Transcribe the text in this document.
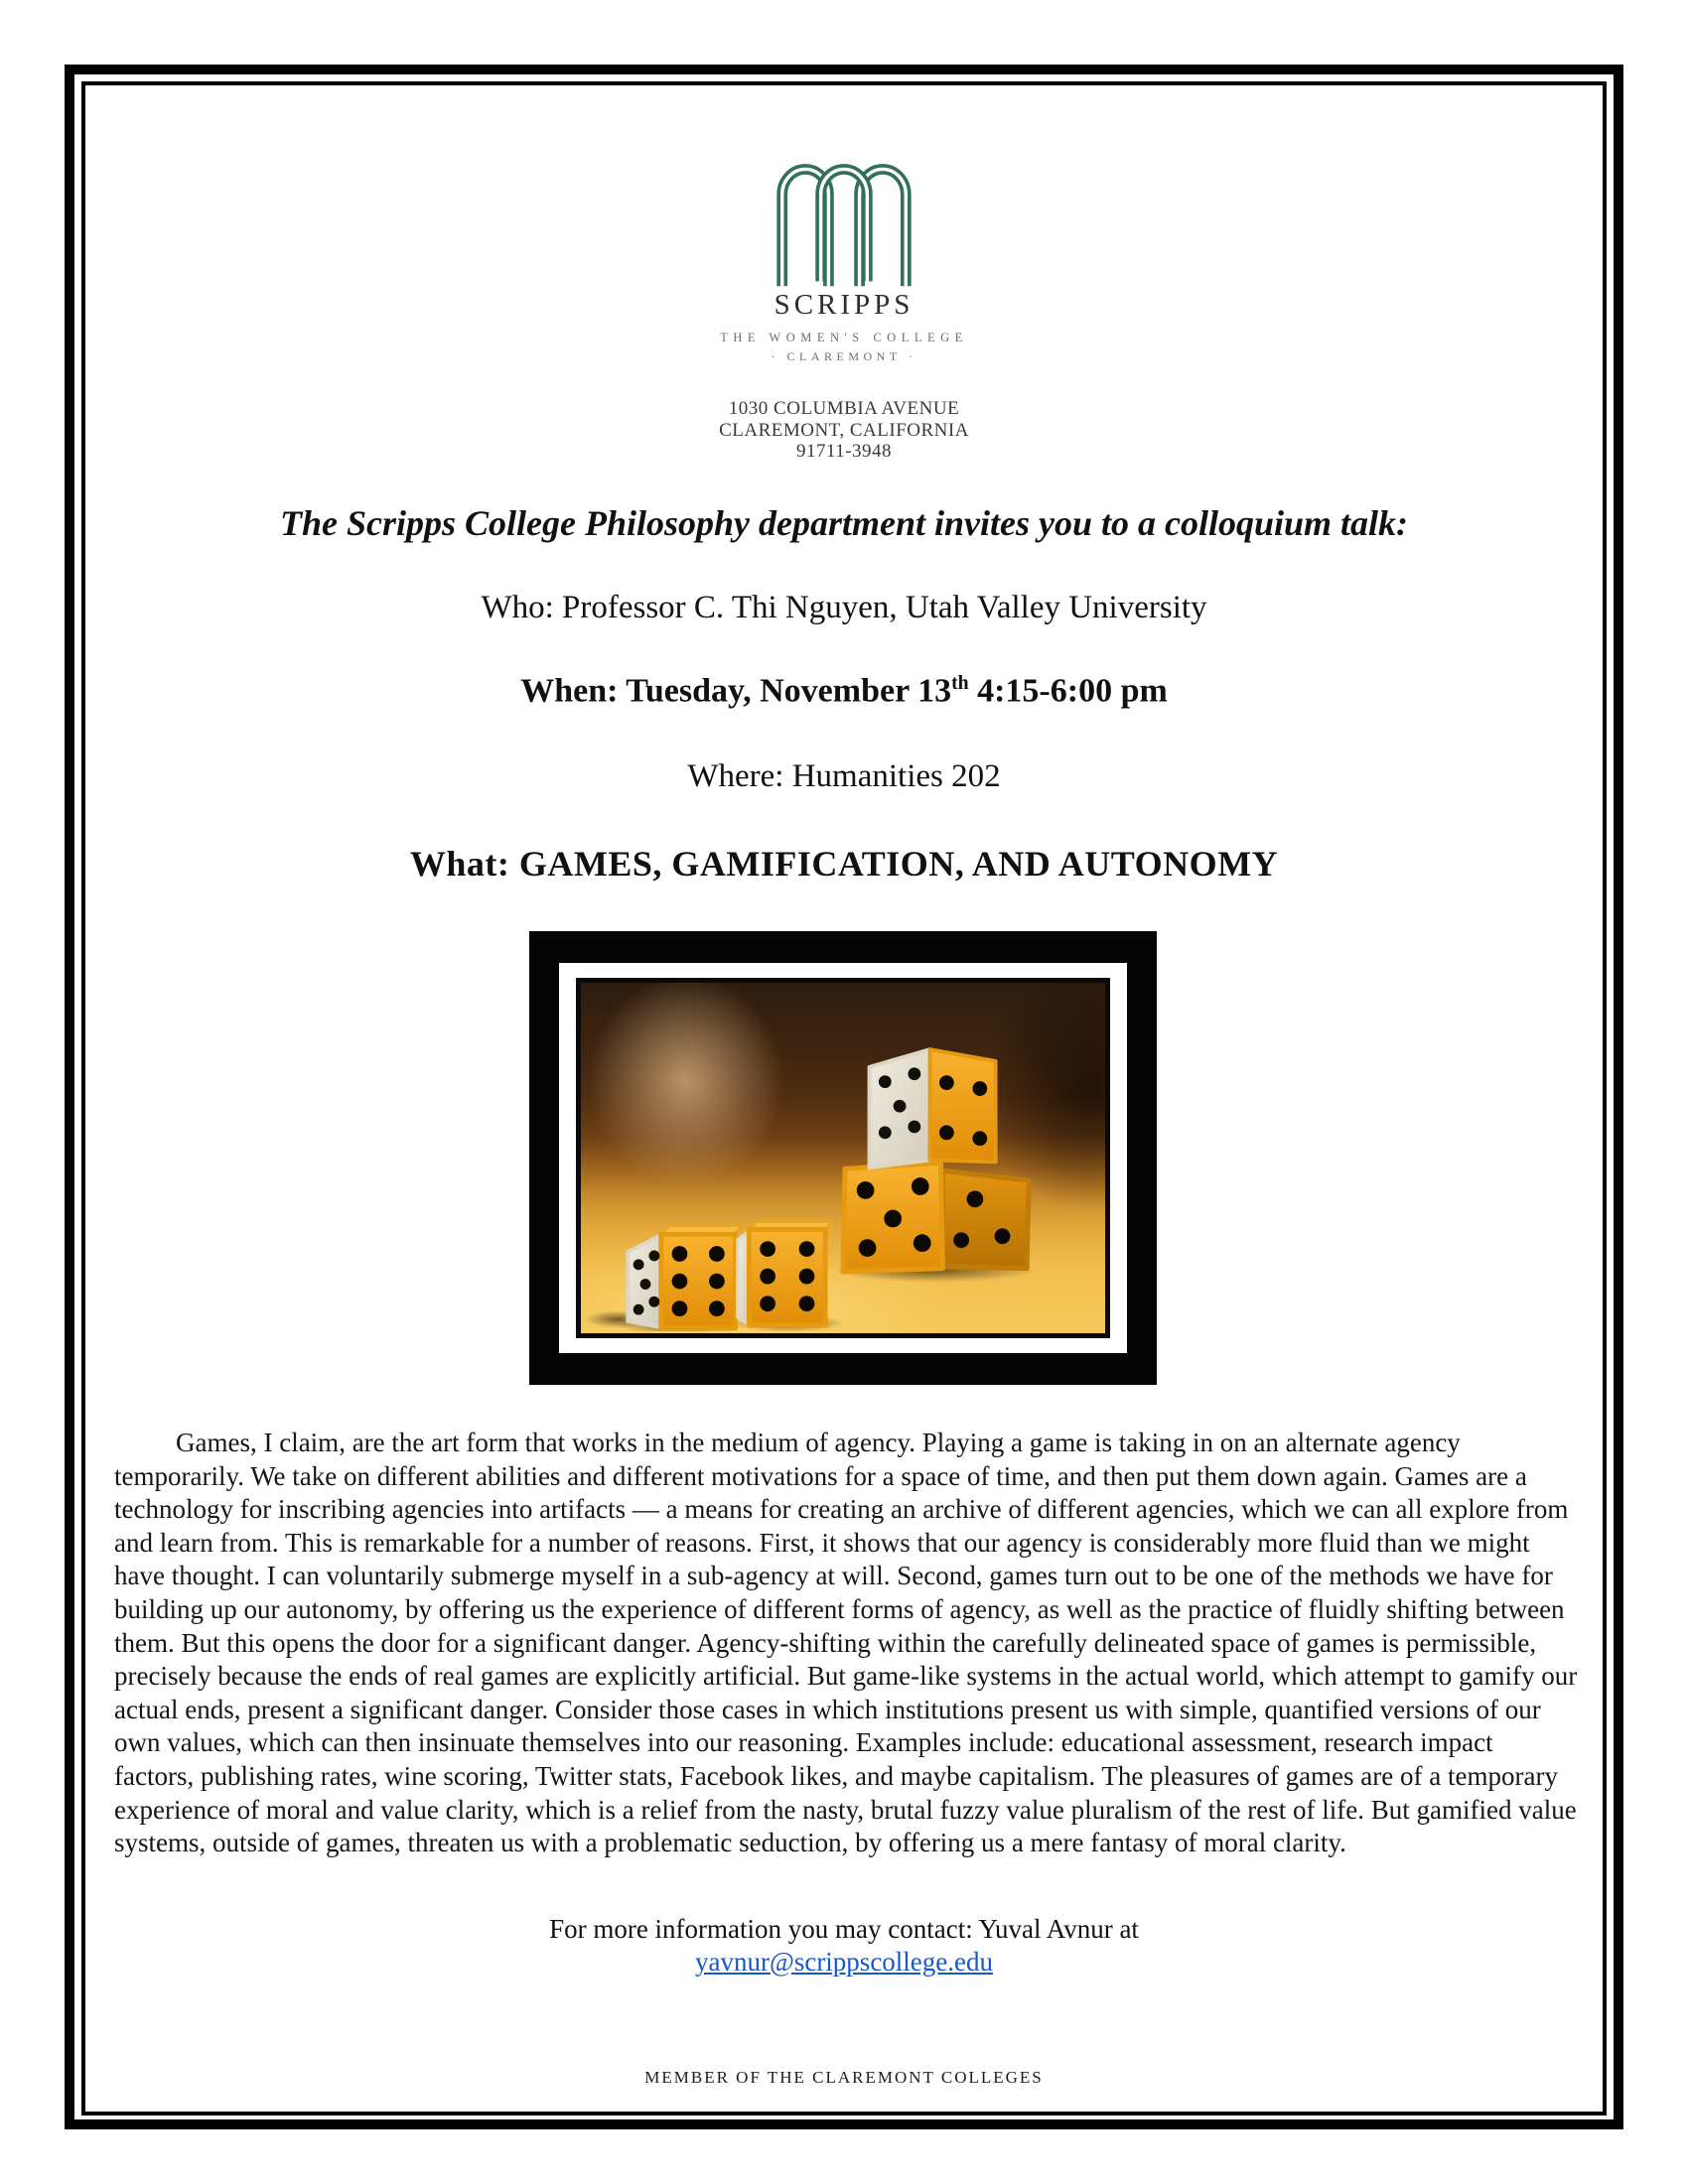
SCRIPPS
THE WOMEN'S COLLEGE
· CLAREMONT ·
1030 COLUMBIA AVENUE
CLAREMONT, CALIFORNIA
91711-3948
The Scripps College Philosophy department invites you to a colloquium talk:
Who: Professor C. Thi Nguyen, Utah Valley University
When: Tuesday, November 13th 4:15-6:00 pm
Where: Humanities 202
What: GAMES, GAMIFICATION, AND AUTONOMY
Games, I claim, are the art form that works in the medium of agency. Playing a game is taking in on an alternate agency temporarily. We take on different abilities and different motivations for a space of time, and then put them down again. Games are a technology for inscribing agencies into artifacts — a means for creating an archive of different agencies, which we can all explore from and learn from. This is remarkable for a number of reasons. First, it shows that our agency is considerably more fluid than we might have thought. I can voluntarily submerge myself in a sub-agency at will. Second, games turn out to be one of the methods we have for building up our autonomy, by offering us the experience of different forms of agency, as well as the practice of fluidly shifting between them. But this opens the door for a significant danger. Agency-shifting within the carefully delineated space of games is permissible, precisely because the ends of real games are explicitly artificial. But game-like systems in the actual world, which attempt to gamify our actual ends, present a significant danger. Consider those cases in which institutions present us with simple, quantified versions of our own values, which can then insinuate themselves into our reasoning. Examples include: educational assessment, research impact factors, publishing rates, wine scoring, Twitter stats, Facebook likes, and maybe capitalism. The pleasures of games are of a temporary experience of moral and value clarity, which is a relief from the nasty, brutal fuzzy value pluralism of the rest of life. But gamified value systems, outside of games, threaten us with a problematic seduction, by offering us a mere fantasy of moral clarity.
For more information you may contact: Yuval Avnur at
yavnur@scrippscollege.edu
MEMBER OF THE CLAREMONT COLLEGES
